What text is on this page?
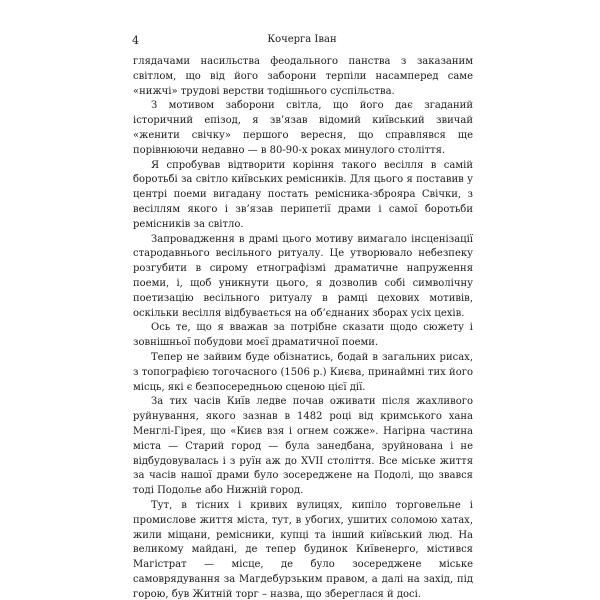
4	Кочерга Іван

глядачами насильства феодального панства з заказаним світлом, що від його заборони терпіли насамперед саме «нижчі» трудові верстви тодішнього суспільства.

З мотивом заборони світла, що його дає згаданий історичний епізод, я зв’язав відомий київський звичай «женити свічку» першого вересня, що справлявся ще порівнюючи недавно — в 80-90-х роках минулого століття.

Я спробував відтворити коріння такого весілля в самій боротьбі за світло київських ремісників. Для цього я поставив у центрі поеми вигадану постать ремісника-зброяра Свічки, з весіллям якого і зв’язав перипетії драми і самої боротьби ремісників за світло.

Запровадження в драмі цього мотиву вимагало інсценізації стародавнього весільного ритуалу. Це утворювало небезпеку розгубити в сирому етнографізмі драматичне напруження поеми, і, щоб уникнути цього, я дозволив собі символічну поетизацію весільного ритуалу в рамці цехових мотивів, оскільки весілля відбувається на об’єднаних зборах усіх цехів.

Ось те, що я вважав за потрібне сказати щодо сюжету і зовнішньої побудови моєї драматичної поеми.

Тепер не зайвим буде обізнатись, бодай в загальних рисах, з топографією тогочасного (1506 р.) Києва, принаймні тих його місць, які є безпосередньою сценою цієї дії.

За тих часів Київ ледве почав оживати після жахливого руйнування, якого зазнав в 1482 році від кримського хана Менглі-Гірея, що «Києв взя і огнем сожже». Нагірна частина міста — Старий город — була занедбана, зруйнована і не відбудовувалась і з руїн аж до XVII століття. Все міське життя за часів нашої драми було зосереджене на Подолі, що звався тоді Подолье або Нижній город.

Тут, в тісних і кривих вулицях, кипіло торговельне і промислове життя міста, тут, в убогих, ушитих соломою хатах, жили міщани, ремісники, купці та інший київський люд. На великому майдані, де тепер будинок Київенерго, містився Магістрат — місце, де було зосереджене міське самоврядування за Магдебурзьким правом, а далі на захід, під горою, був Житній торг – назва, що збереглася й досі.
